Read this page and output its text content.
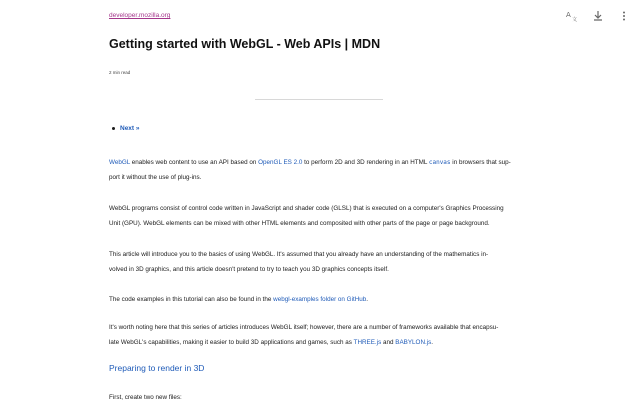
A
文
developer.mozilla.org
Getting started with WebGL - Web APIs | MDN
2 min read
Next »

WebGL enables web content to use an API based on OpenGL ES 2.0 to perform 2D and 3D rendering in an HTML canvas in browsers that sup-
port it without the use of plug-ins.

WebGL programs consist of control code written in JavaScript and shader code (GLSL) that is executed on a computer's Graphics Processing
Unit (GPU). WebGL elements can be mixed with other HTML elements and composited with other parts of the page or page background.

This article will introduce you to the basics of using WebGL. It's assumed that you already have an understanding of the mathematics in-
volved in 3D graphics, and this article doesn't pretend to try to teach you 3D graphics concepts itself.

The code examples in this tutorial can also be found in the webgl-examples folder on GitHub.

It's worth noting here that this series of articles introduces WebGL itself; however, there are a number of frameworks available that encapsu-
late WebGL's capabilities, making it easier to build 3D applications and games, such as THREE.js and BABYLON.js.

Preparing to render in 3D

First, create two new files:
